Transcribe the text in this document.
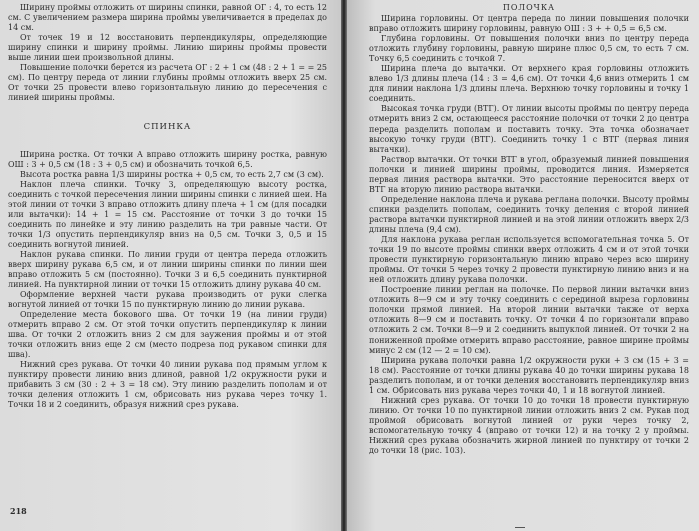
Ширину проймы отложить от ширины спинки, равной ОГ : 4, то есть 12 см. С увеличением размера ширина проймы увеличивается в пределах до 14 см.

От точек 19 и 12 восстановить перпендикуляры, определяющие ширину спинки и ширину проймы. Линию ширины проймы провести выше линии шеи произвольной длины.

Повышение полочки берется из расчета ОГ : 2 + 1 см (48 : 2 + 1 = = 25 см). По центру переда от линии глубины проймы отложить вверх 25 см. От точки 25 провести влево горизонтальную линию до пересечения с линией ширины проймы.

СПИНКА

Ширина ростка. От точки А вправо отложить ширину ростка, равную ОШ : 3 + 0,5 см (18 : 3 + 0,5 см) и обозначить точкой 6,5.

Высота ростка равна 1/3 ширины ростка + 0,5 см, то есть 2,7 см (3 см).

Наклон плеча спинки. Точку 3, определяющую высоту ростка, соединить с точкой пересечения линии ширины спинки с линией шеи. На этой линии от точки 3 вправо отложить длину плеча + 1 см (для посадки или вытачки): 14 + 1 = 15 см. Расстояние от точки 3 до точки 15 соединить по линейке и эту линию разделить на три равные части. От точки 1/3 опустить перпендикуляр вниз на 0,5 см. Точки 3, 0,5 и 15 соединить вогнутой линией.

Наклон рукава спинки. По линии груди от центра переда отложить вверх ширину рукава 6,5 см, и от линии ширины спинки по линии шеи вправо отложить 5 см (постоянно). Точки 3 и 6,5 соединить пунктирной линией. На пунктирной линии от точки 15 отложить длину рукава 40 см.

Оформление верхней части рукава производить от руки слегка вогнутой линией от точки 15 по пунктирную линию до линии рукава.

Определение места бокового шва. От точки 19 (на линии груди) отмерить вправо 2 см. От этой точки опустить перпендикуляр к линии шва. От точки 2 отложить вниз 2 см для заужения проймы и от этой точки отложить вниз еще 2 см (место подреза под рукавом спинки для шва).

Нижний срез рукава. От точки 40 линии рукава под прямым углом к пунктиру провести линию вниз длиной, равной 1/2 окружности руки и прибавить 3 см (30 : 2 + 3 = 18 см). Эту линию разделить пополам и от точки деления отложить 1 см, обрисовать низ рукава через точку 1. Точки 18 и 2 соединить, образуя нижний срез рукава.

218
ПОЛОЧКА

Ширина горловины. От центра переда по линии повышения полочки вправо отложить ширину горловины, равную ОШ : 3 + + 0,5 = 6,5 см.

Глубина горловины. От повышения полочки вниз по центру переда отложить глубину горловины, равную ширине плюс 0,5 см, то есть 7 см. Точку 6,5 соединить с точкой 7.

Ширина плеча до вытачки. От верхнего края горловины отложить влево 1/3 длины плеча (14 : 3 = 4,6 см). От точки 4,6 вниз отмерить 1 см для линии наклона 1/3 длины плеча. Верхнюю точку горловины и точку 1 соединить.

Высокая точка груди (ВТГ). От линии высоты проймы по центру переда отмерить вниз 2 см, остающееся расстояние полочки от точки 2 до центра переда разделить пополам и поставить точку. Эта точка обозначает высокую точку груди (ВТГ). Соединить точку 1 с ВТГ (первая линия вытачки).

Раствор вытачки. От точки ВТГ в угол, образуемый линией повышения полочки и линией ширины проймы, проводится линия. Измеряется первая линия раствора вытачки. Это расстояние переносится вверх от ВТГ на вторую линию раствора вытачки.

Определение наклона плеча и рукава реглана полочки. Высоту проймы спинки разделить пополам, соединить точку деления с второй линией раствора вытачки пунктирной линией и на этой линии отложить вверх 2/3 длины плеча (9,4 см).

Для наклона рукава реглан используется вспомогательная точка 5. От точки 19 по высоте проймы спинки вверх отложить 4 см и от этой точки провести пунктирную горизонтальную линию вправо через всю ширину проймы. От точки 5 через точку 2 провести пунктирную линию вниз и на ней отложить длину рукава полочки.

Построение линии реглан на полочке. По первой линии вытачки вниз отложить 8—9 см и эту точку соединить с серединой выреза горловины полочки прямой линией. На второй линии вытачки также от верха отложить 8—9 см и поставить точку. От точки 4 по горизонтали вправо отложить 2 см. Точки 8—9 и 2 соединить выпуклой линией. От точки 2 на пониженной пройме отмерить вправо расстояние, равное ширине проймы минус 2 см (12 — 2 = 10 см).

Ширина рукава полочки равна 1/2 окружности руки + 3 см (15 + 3 = 18 см). Расстояние от точки длины рукава 40 до точки ширины рукава 18 разделить пополам, и от точки деления восстановить перпендикуляр вниз 1 см. Обрисовать низ рукава через точки 40, 1 и 18 вогнутой линией.

Нижний срез рукава. От точки 10 до точки 18 провести пунктирную линию. От точки 10 по пунктирной линии отложить вниз 2 см. Рукав под проймой обрисовать вогнутой линией от руки через точку 2, вспомогательную точку 4 (вправо от точки 12) и на точку 2 у проймы. Нижний срез рукава обозначить жирной линией по пунктиру от точки 2 до точки 18 (рис. 103).
